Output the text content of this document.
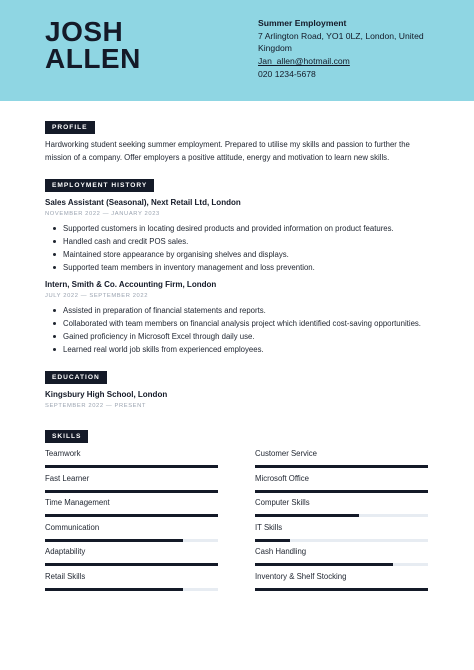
JOSH
ALLEN
Summer Employment
7 Arlington Road, YO1 0LZ, London, United Kingdom
Jan_allen@hotmail.com
020 1234-5678
PROFILE
Hardworking student seeking summer employment. Prepared to utilise my skills and passion to further the mission of a company. Offer employers a positive attitude, energy and motivation to learn new skills.
EMPLOYMENT HISTORY
Sales Assistant (Seasonal), Next Retail Ltd, London
NOVEMBER 2022 — JANUARY 2023
Supported customers in locating desired products and provided information on product features.
Handled cash and credit POS sales.
Maintained store appearance by organising shelves and displays.
Supported team members in inventory management and loss prevention.
Intern, Smith & Co. Accounting Firm, London
JULY 2022 — SEPTEMBER 2022
Assisted in preparation of financial statements and reports.
Collaborated with team members on financial analysis project which identified cost-saving opportunities.
Gained proficiency in Microsoft Excel through daily use.
Learned real world job skills from experienced employees.
EDUCATION
Kingsbury High School, London
SEPTEMBER 2022 — PRESENT
SKILLS
Teamwork	Customer Service
Fast Learner	Microsoft Office
Time Management	Computer Skills
Communication	IT Skills
Adaptability	Cash Handling
Retail Skills	Inventory & Shelf Stocking
